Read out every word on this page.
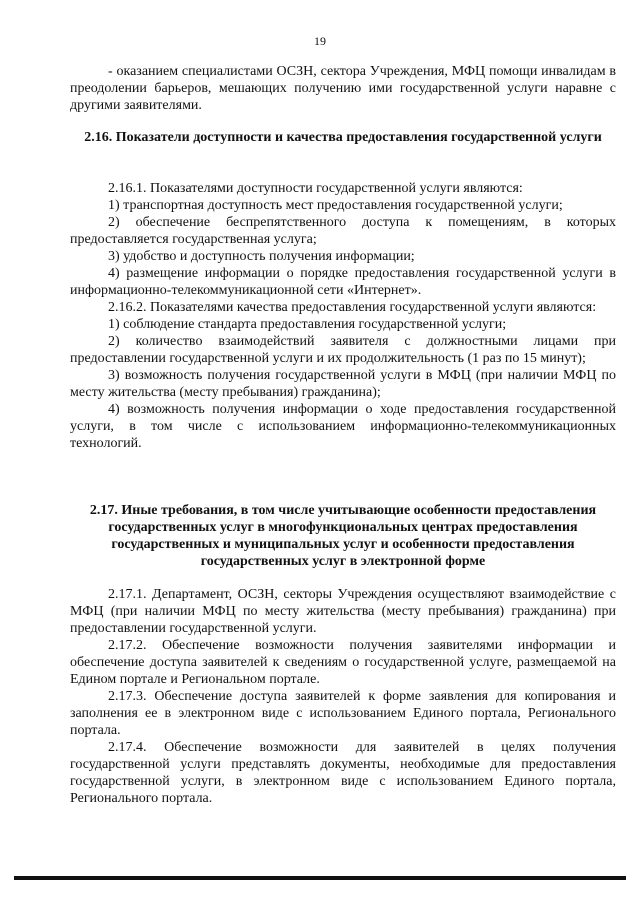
19

- оказанием специалистами ОСЗН, сектора Учреждения, МФЦ помощи инвалидам в преодолении барьеров, мешающих получению ими государственной услуги наравне с другими заявителями.

2.16. Показатели доступности и качества предоставления государственной услуги

2.16.1. Показателями доступности государственной услуги являются:

1) транспортная доступность мест предоставления государственной услуги;

2) обеспечение беспрепятственного доступа к помещениям, в которых предоставляется государственная услуга;

3) удобство и доступность получения информации;

4) размещение информации о порядке предоставления государственной услуги в информационно-телекоммуникационной сети «Интернет».

2.16.2. Показателями качества предоставления государственной услуги являются:

1) соблюдение стандарта предоставления государственной услуги;

2) количество взаимодействий заявителя с должностными лицами при предоставлении государственной услуги и их продолжительность (1 раз по 15 минут);

3) возможность получения государственной услуги в МФЦ (при наличии МФЦ по месту жительства (месту пребывания) гражданина);

4) возможность получения информации о ходе предоставления государственной услуги, в том числе с использованием информационно-телекоммуникационных технологий.

2.17. Иные требования, в том числе учитывающие особенности предоставления государственных услуг в многофункциональных центрах предоставления государственных и муниципальных услуг и особенности предоставления государственных услуг в электронной форме

2.17.1. Департамент, ОСЗН, секторы Учреждения осуществляют взаимодействие с МФЦ (при наличии МФЦ по месту жительства (месту пребывания) гражданина) при предоставлении государственной услуги.

2.17.2. Обеспечение возможности получения заявителями информации и обеспечение доступа заявителей к сведениям о государственной услуге, размещаемой на Едином портале и Региональном портале.

2.17.3. Обеспечение доступа заявителей к форме заявления для копирования и заполнения ее в электронном виде с использованием Единого портала, Регионального портала.

2.17.4. Обеспечение возможности для заявителей в целях получения государственной услуги представлять документы, необходимые для предоставления государственной услуги, в электронном виде с использованием Единого портала, Регионального портала.
